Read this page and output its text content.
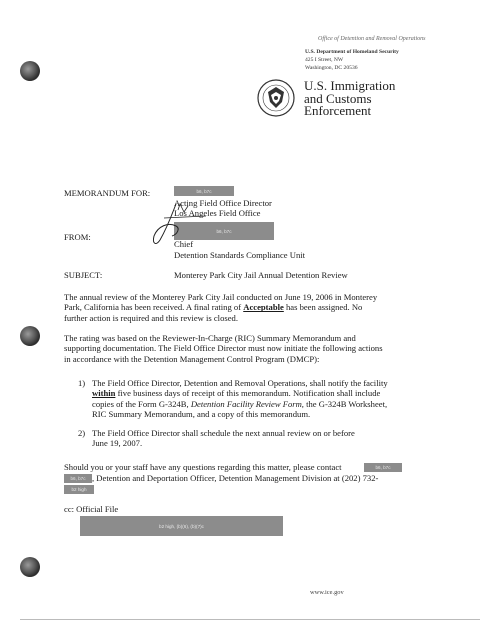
Office of Detention and Removal Operations
U.S. Department of Homeland Security
425 I Street, NW
Washington, DC 20536
U.S. Immigration
and Customs
Enforcement
MEMORANDUM FOR:	b6, b7c
Acting Field Office Director
Los Angeles Field Office
FROM:
b6, b7c
Chief
Detention Standards Compliance Unit
SUBJECT:	Monterey Park City Jail Annual Detention Review
The annual review of the Monterey Park City Jail conducted on June 19, 2006 in Monterey
Park, California has been received. A final rating of Acceptable has been assigned. No
further action is required and this review is closed.
The rating was based on the Reviewer-In-Charge (RIC) Summary Memorandum and
supporting documentation. The Field Office Director must now initiate the following actions
in accordance with the Detention Management Control Program (DMCP):
1) The Field Office Director, Detention and Removal Operations, shall notify the facility
within five business days of receipt of this memorandum. Notification shall include
copies of the Form G-324B, Detention Facility Review Form, the G-324B Worksheet,
RIC Summary Memorandum, and a copy of this memorandum.
2) The Field Office Director shall schedule the next annual review on or before
June 19, 2007.
Should you or your staff have any questions regarding this matter, please contact	b6, b7c
b6, b7c , Detention and Deportation Officer, Detention Management Division at (202) 732-
b2 high
cc: Official File
b2 high, (b)(6), (b)(7)c
www.ice.gov
